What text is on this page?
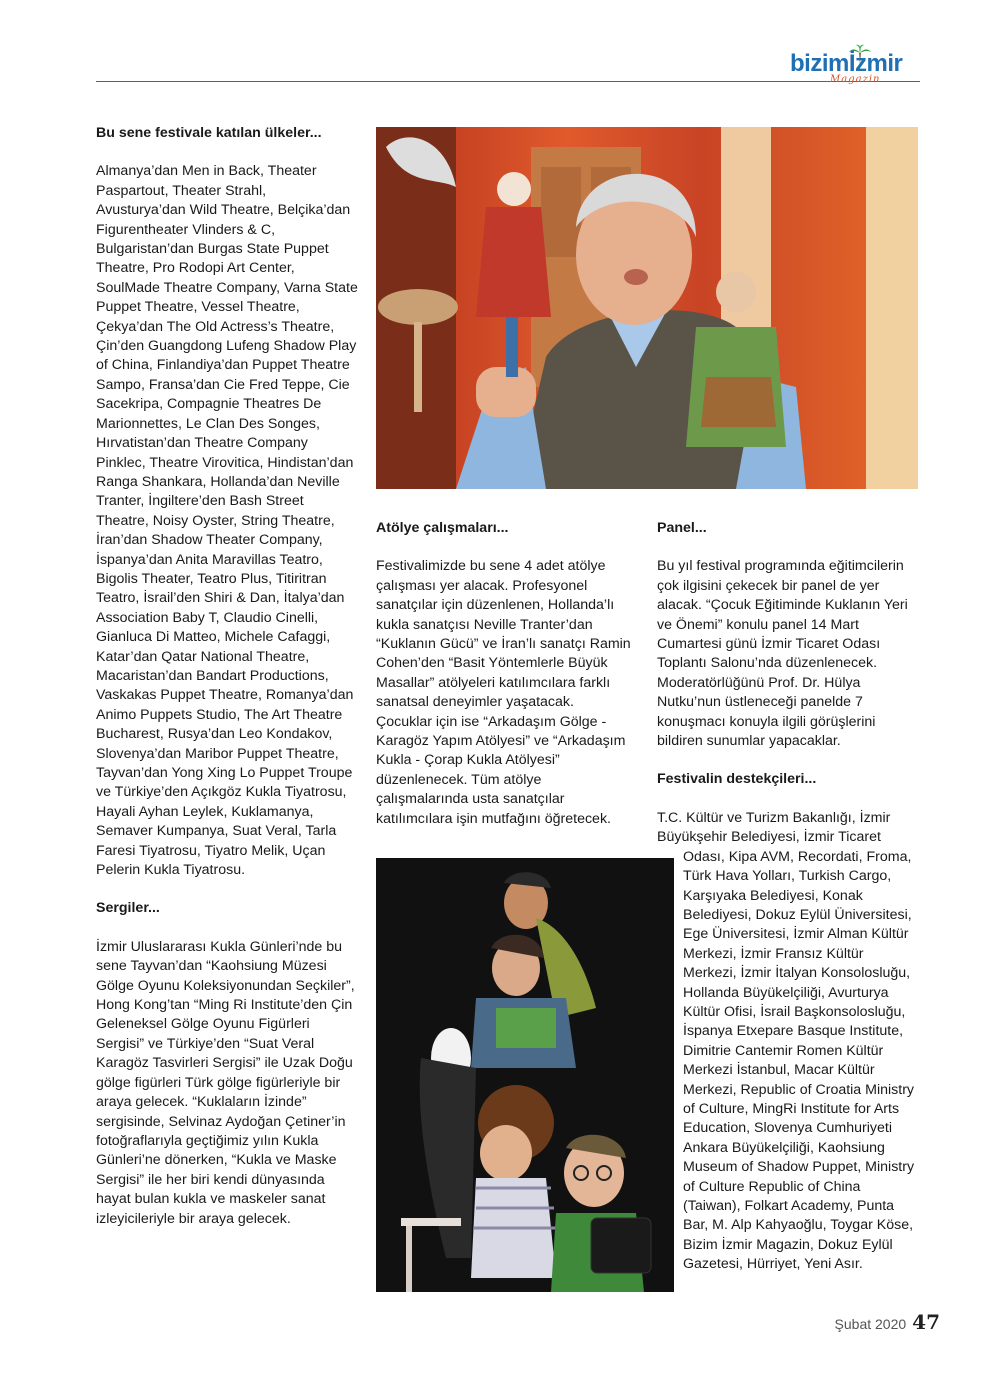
bizimİzmir
Magazin
Bu sene festivale katılan ülkeler...
Almanya’dan Men in Back, Theater Paspartout, Theater Strahl, Avusturya’dan Wild Theatre, Belçika’dan Figurentheater Vlinders & C, Bulgaristan’dan Burgas State Puppet Theatre, Pro Rodopi Art Center, SoulMade Theatre Company, Varna State Puppet Theatre, Vessel Theatre, Çekya’dan The Old Actress’s Theatre, Çin’den Guangdong Lufeng Shadow Play of China, Finlandiya’dan Puppet Theatre Sampo, Fransa’dan Cie Fred Teppe, Cie Sacekripa, Compagnie Theatres De Marionnettes, Le Clan Des Songes, Hırvatistan’dan Theatre Company Pinklec, Theatre Virovitica, Hindistan’dan Ranga Shankara, Hollanda’dan Neville Tranter, İngiltere’den Bash Street Theatre, Noisy Oyster, String Theatre, İran’dan Shadow Theater Company, İspanya’dan Anita Maravillas Teatro, Bigolis Theater, Teatro Plus, Titiritran Teatro, İsrail’den Shiri & Dan, İtalya’dan Association Baby T, Claudio Cinelli, Gianluca Di Matteo, Michele Cafaggi, Katar’dan Qatar National Theatre, Macaristan’dan Bandart Productions, Vaskakas Puppet Theatre, Romanya’dan Animo Puppets Studio, The Art Theatre Bucharest, Rusya’dan Leo Kondakov, Slovenya’dan Maribor Puppet Theatre, Tayvan’dan Yong Xing Lo Puppet Troupe ve Türkiye’den Açıkgöz Kukla Tiyatrosu, Hayali Ayhan Leylek, Kuklamanya, Semaver Kumpanya, Suat Veral, Tarla Faresi Tiyatrosu, Tiyatro Melik, Uçan Pelerin Kukla Tiyatrosu.
Sergiler...
İzmir Uluslararası Kukla Günleri’nde bu sene Tayvan’dan “Kaohsiung Müzesi Gölge Oyunu Koleksiyonundan Seçkiler”, Hong Kong’tan “Ming Ri Institute’den Çin Geleneksel Gölge Oyunu Figürleri Sergisi” ve Türkiye’den “Suat Veral Karagöz Tasvirleri Sergisi” ile Uzak Doğu gölge figürleri Türk gölge figürleriyle bir araya gelecek. “Kuklaların İzinde” sergisinde, Selvinaz Aydoğan Çetiner’in fotoğraflarıyla geçtiğimiz yılın Kukla Günleri’ne dönerken, “Kukla ve Maske Sergisi” ile her biri kendi dünyasında hayat bulan kukla ve maskeler sanat izleyicileriyle bir araya gelecek.
Atölye çalışmaları...
Festivalimizde bu sene 4 adet atölye çalışması yer alacak. Profesyonel sanatçılar için düzenlenen, Hollanda’lı kukla sanatçısı Neville Tranter’dan “Kuklanın Gücü” ve İran’lı sanatçı Ramin Cohen’den “Basit Yöntemlerle Büyük Masallar” atölyeleri katılımcılara farklı sanatsal deneyimler yaşatacak. Çocuklar için ise “Arkadaşım Gölge - Karagöz Yapım Atölyesi” ve “Arkadaşım Kukla - Çorap Kukla Atölyesi” düzenlenecek. Tüm atölye çalışmalarında usta sanatçılar katılımcılara işin mutfağını öğretecek.
Panel...
Bu yıl festival programında eğitimcilerin çok ilgisini çekecek bir panel de yer alacak. “Çocuk Eğitiminde Kuklanın Yeri ve Önemi” konulu panel 14 Mart Cumartesi günü İzmir Ticaret Odası Toplantı Salonu’nda düzenlenecek. Moderatörlüğünü Prof. Dr. Hülya Nutku’nun üstleneceği panelde 7 konuşmacı konuyla ilgili görüşlerini bildiren sunumlar yapacaklar.
Festivalin destekçileri...
T.C. Kültür ve Turizm Bakanlığı, İzmir Büyükşehir Belediyesi, İzmir Ticaret
Odası, Kipa AVM, Recordati, Froma, Türk Hava Yolları, Turkish Cargo, Karşıyaka Belediyesi, Konak Belediyesi, Dokuz Eylül Üniversitesi, Ege Üniversitesi, İzmir Alman Kültür Merkezi, İzmir Fransız Kültür Merkezi, İzmir İtalyan Konsolosluğu, Hollanda Büyükelçiliği, Avurturya Kültür Ofisi, İsrail Başkonsolosluğu, İspanya Etxepare Basque Institute, Dimitrie Cantemir Romen Kültür Merkezi İstanbul, Macar Kültür Merkezi, Republic of Croatia Ministry of Culture, MingRi Institute for Arts Education, Slovenya Cumhuriyeti Ankara Büyükelçiliği, Kaohsiung Museum of Shadow Puppet, Ministry of Culture Republic of China (Taiwan), Folkart Academy, Punta Bar, M. Alp Kahyaoğlu, Toygar Köse, Bizim İzmir Magazin, Dokuz Eylül Gazetesi, Hürriyet, Yeni Asır.
Şubat 2020 47
